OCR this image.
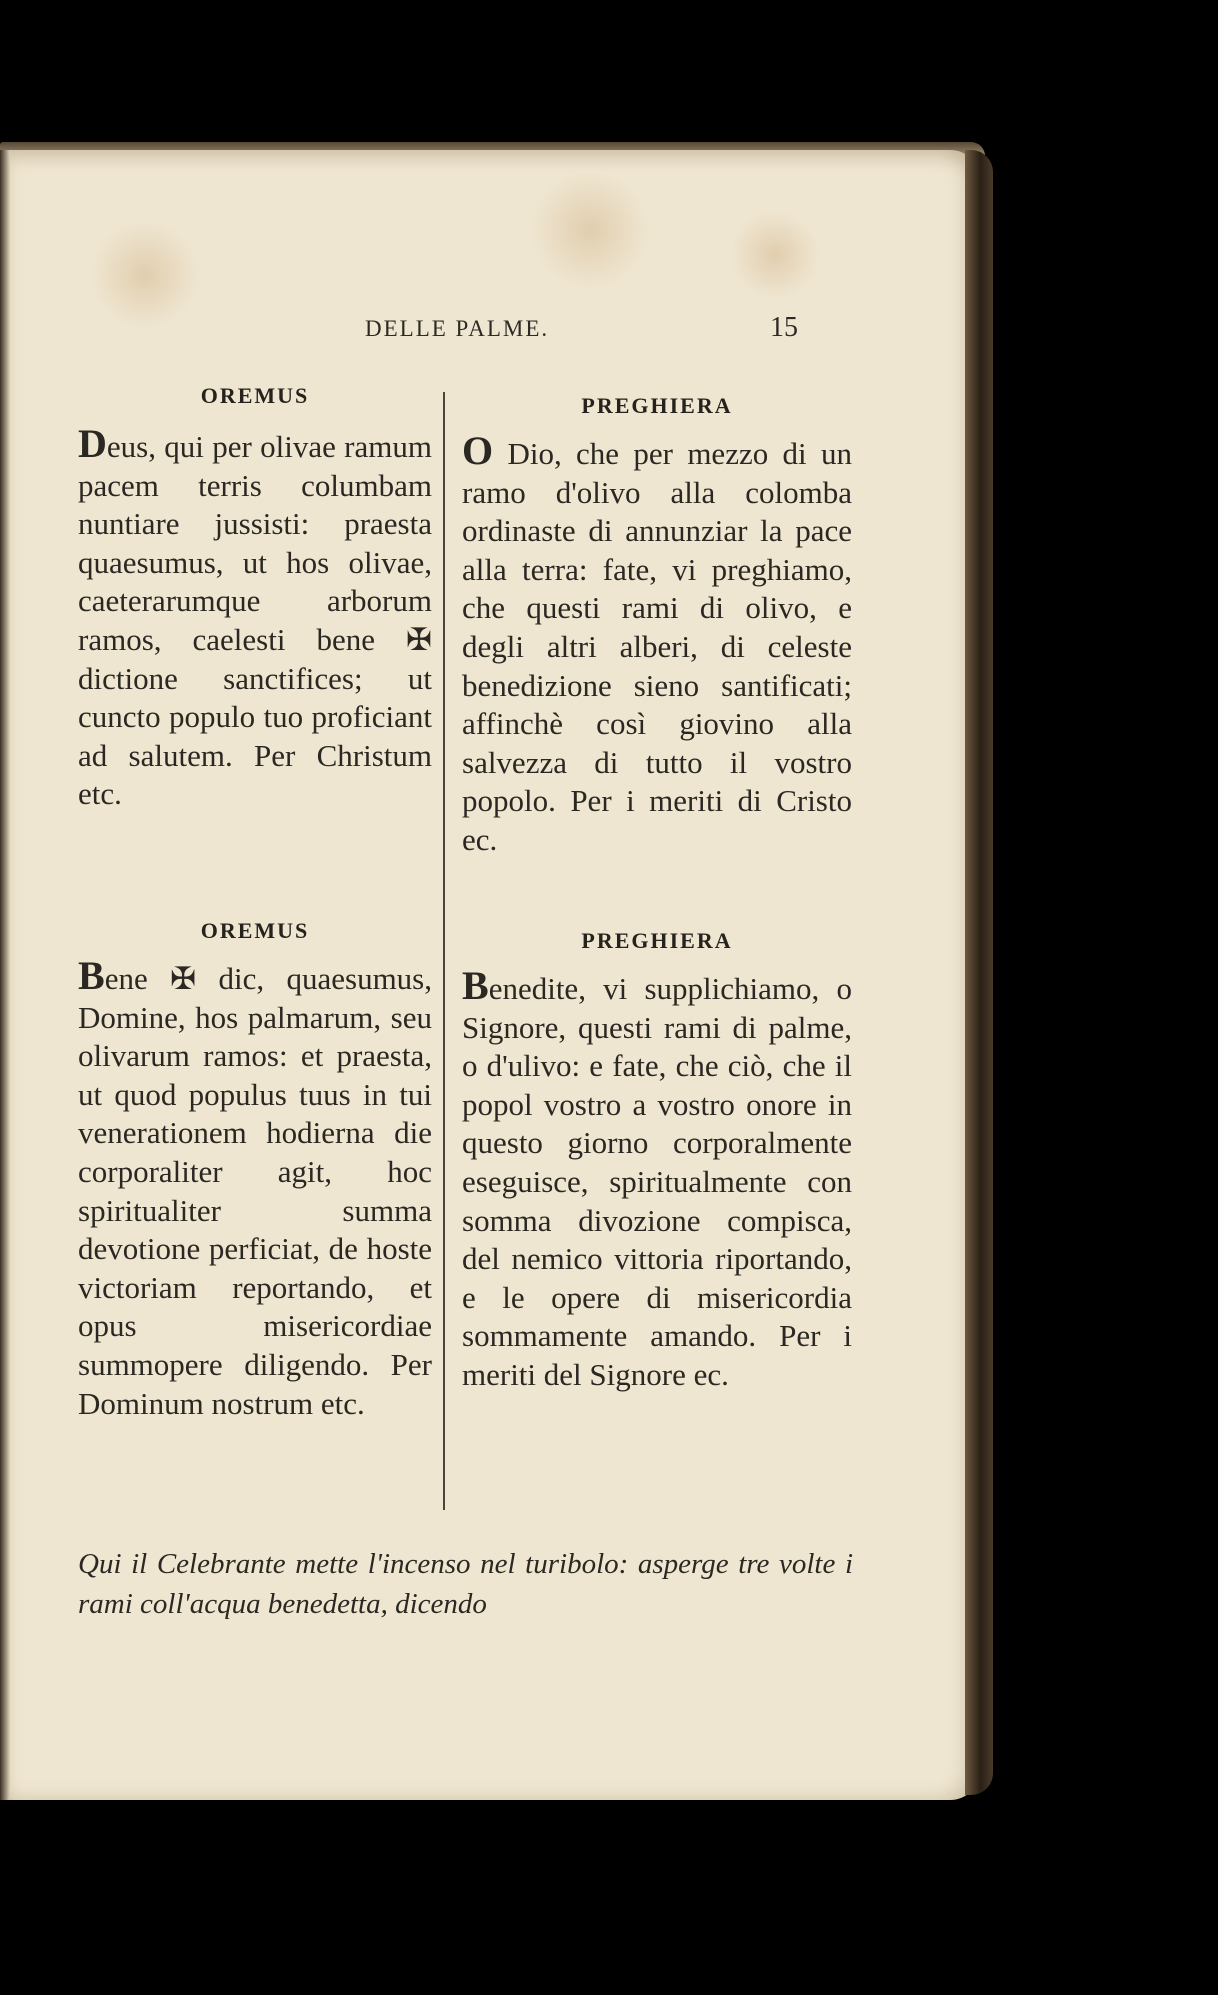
DELLE PALME.	15
OREMUS

Deus, qui per olivae ramum pacem terris columbam nuntiare jussisti: praesta quaesumus, ut hos olivae, caeterarumque arborum ramos, caelesti bene ✠ dictione sanctifices; ut cuncto populo tuo proficiant ad salutem. Per Christum etc.

OREMUS

Bene ✠ dic, quaesumus, Domine, hos palmarum, seu olivarum ramos: et praesta, ut quod populus tuus in tui venerationem hodierna die corporaliter agit, hoc spiritualiter summa devotione perficiat, de hoste victoriam reportando, et opus misericordiae summopere diligendo. Per Dominum nostrum etc.

PREGHIERA

O Dio, che per mezzo di un ramo d'olivo alla colomba ordinaste di annunziar la pace alla terra: fate, vi preghiamo, che questi rami di olivo, e degli altri alberi, di celeste benedizione sieno santificati; affinchè così giovino alla salvezza di tutto il vostro popolo. Per i meriti di Cristo ec.

PREGHIERA

Benedite, vi supplichiamo, o Signore, questi rami di palme, o d'ulivo: e fate, che ciò, che il popol vostro a vostro onore in questo giorno corporalmente eseguisce, spiritualmente con somma divozione compisca, del nemico vittoria riportando, e le opere di misericordia sommamente amando. Per i meriti del Signore ec.

Qui il Celebrante mette l'incenso nel turibolo: asperge tre volte i rami coll'acqua benedetta, dicendo
